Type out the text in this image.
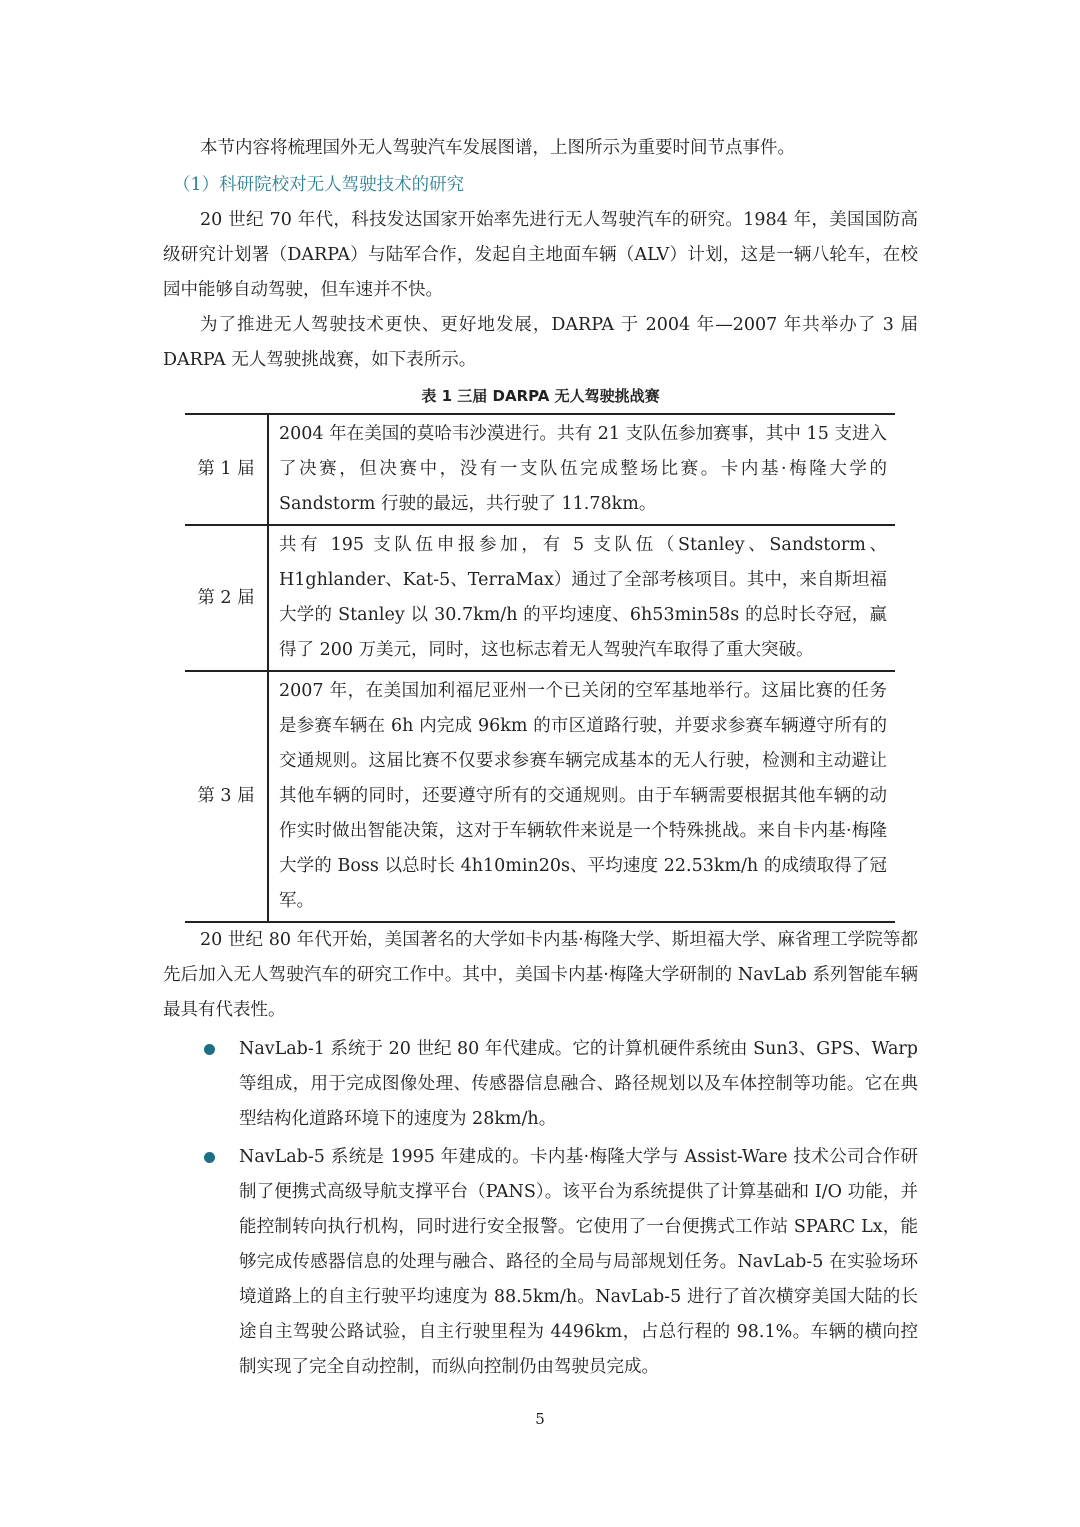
本节内容将梳理国外无人驾驶汽车发展图谱，上图所示为重要时间节点事件。

（1）科研院校对无人驾驶技术的研究

20 世纪 70 年代，科技发达国家开始率先进行无人驾驶汽车的研究。1984 年，美国国防高级研究计划署（DARPA）与陆军合作，发起自主地面车辆（ALV）计划，这是一辆八轮车，在校园中能够自动驾驶，但车速并不快。

为了推进无人驾驶技术更快、更好地发展，DARPA 于 2004 年—2007 年共举办了 3 届 DARPA 无人驾驶挑战赛，如下表所示。

表 1 三届 DARPA 无人驾驶挑战赛
第 1 届	2004 年在美国的莫哈韦沙漠进行。共有 21 支队伍参加赛事，其中 15 支进入了决赛，但决赛中，没有一支队伍完成整场比赛。卡内基·梅隆大学的 Sandstorm 行驶的最远，共行驶了 11.78km。
第 2 届	共有 195 支队伍申报参加，有 5 支队伍（Stanley、Sandstorm、H1ghlander、Kat-5、TerraMax）通过了全部考核项目。其中，来自斯坦福大学的 Stanley 以 30.7km/h 的平均速度、6h53min58s 的总时长夺冠，赢得了 200 万美元，同时，这也标志着无人驾驶汽车取得了重大突破。
第 3 届	2007 年，在美国加利福尼亚州一个已关闭的空军基地举行。这届比赛的任务是参赛车辆在 6h 内完成 96km 的市区道路行驶，并要求参赛车辆遵守所有的交通规则。这届比赛不仅要求参赛车辆完成基本的无人行驶，检测和主动避让其他车辆的同时，还要遵守所有的交通规则。由于车辆需要根据其他车辆的动作实时做出智能决策，这对于车辆软件来说是一个特殊挑战。来自卡内基·梅隆大学的 Boss 以总时长 4h10min20s、平均速度 22.53km/h 的成绩取得了冠军。

20 世纪 80 年代开始，美国著名的大学如卡内基·梅隆大学、斯坦福大学、麻省理工学院等都先后加入无人驾驶汽车的研究工作中。其中，美国卡内基·梅隆大学研制的 NavLab 系列智能车辆最具有代表性。

NavLab-1 系统于 20 世纪 80 年代建成。它的计算机硬件系统由 Sun3、GPS、Warp 等组成，用于完成图像处理、传感器信息融合、路径规划以及车体控制等功能。它在典型结构化道路环境下的速度为 28km/h。
NavLab-5 系统是 1995 年建成的。卡内基·梅隆大学与 Assist-Ware 技术公司合作研制了便携式高级导航支撑平台（PANS）。该平台为系统提供了计算基础和 I/O 功能，并能控制转向执行机构，同时进行安全报警。它使用了一台便携式工作站 SPARC Lx，能够完成传感器信息的处理与融合、路径的全局与局部规划任务。NavLab-5 在实验场环境道路上的自主行驶平均速度为 88.5km/h。NavLab-5 进行了首次横穿美国大陆的长途自主驾驶公路试验，自主行驶里程为 4496km，占总行程的 98.1%。车辆的横向控制实现了完全自动控制，而纵向控制仍由驾驶员完成。
5
